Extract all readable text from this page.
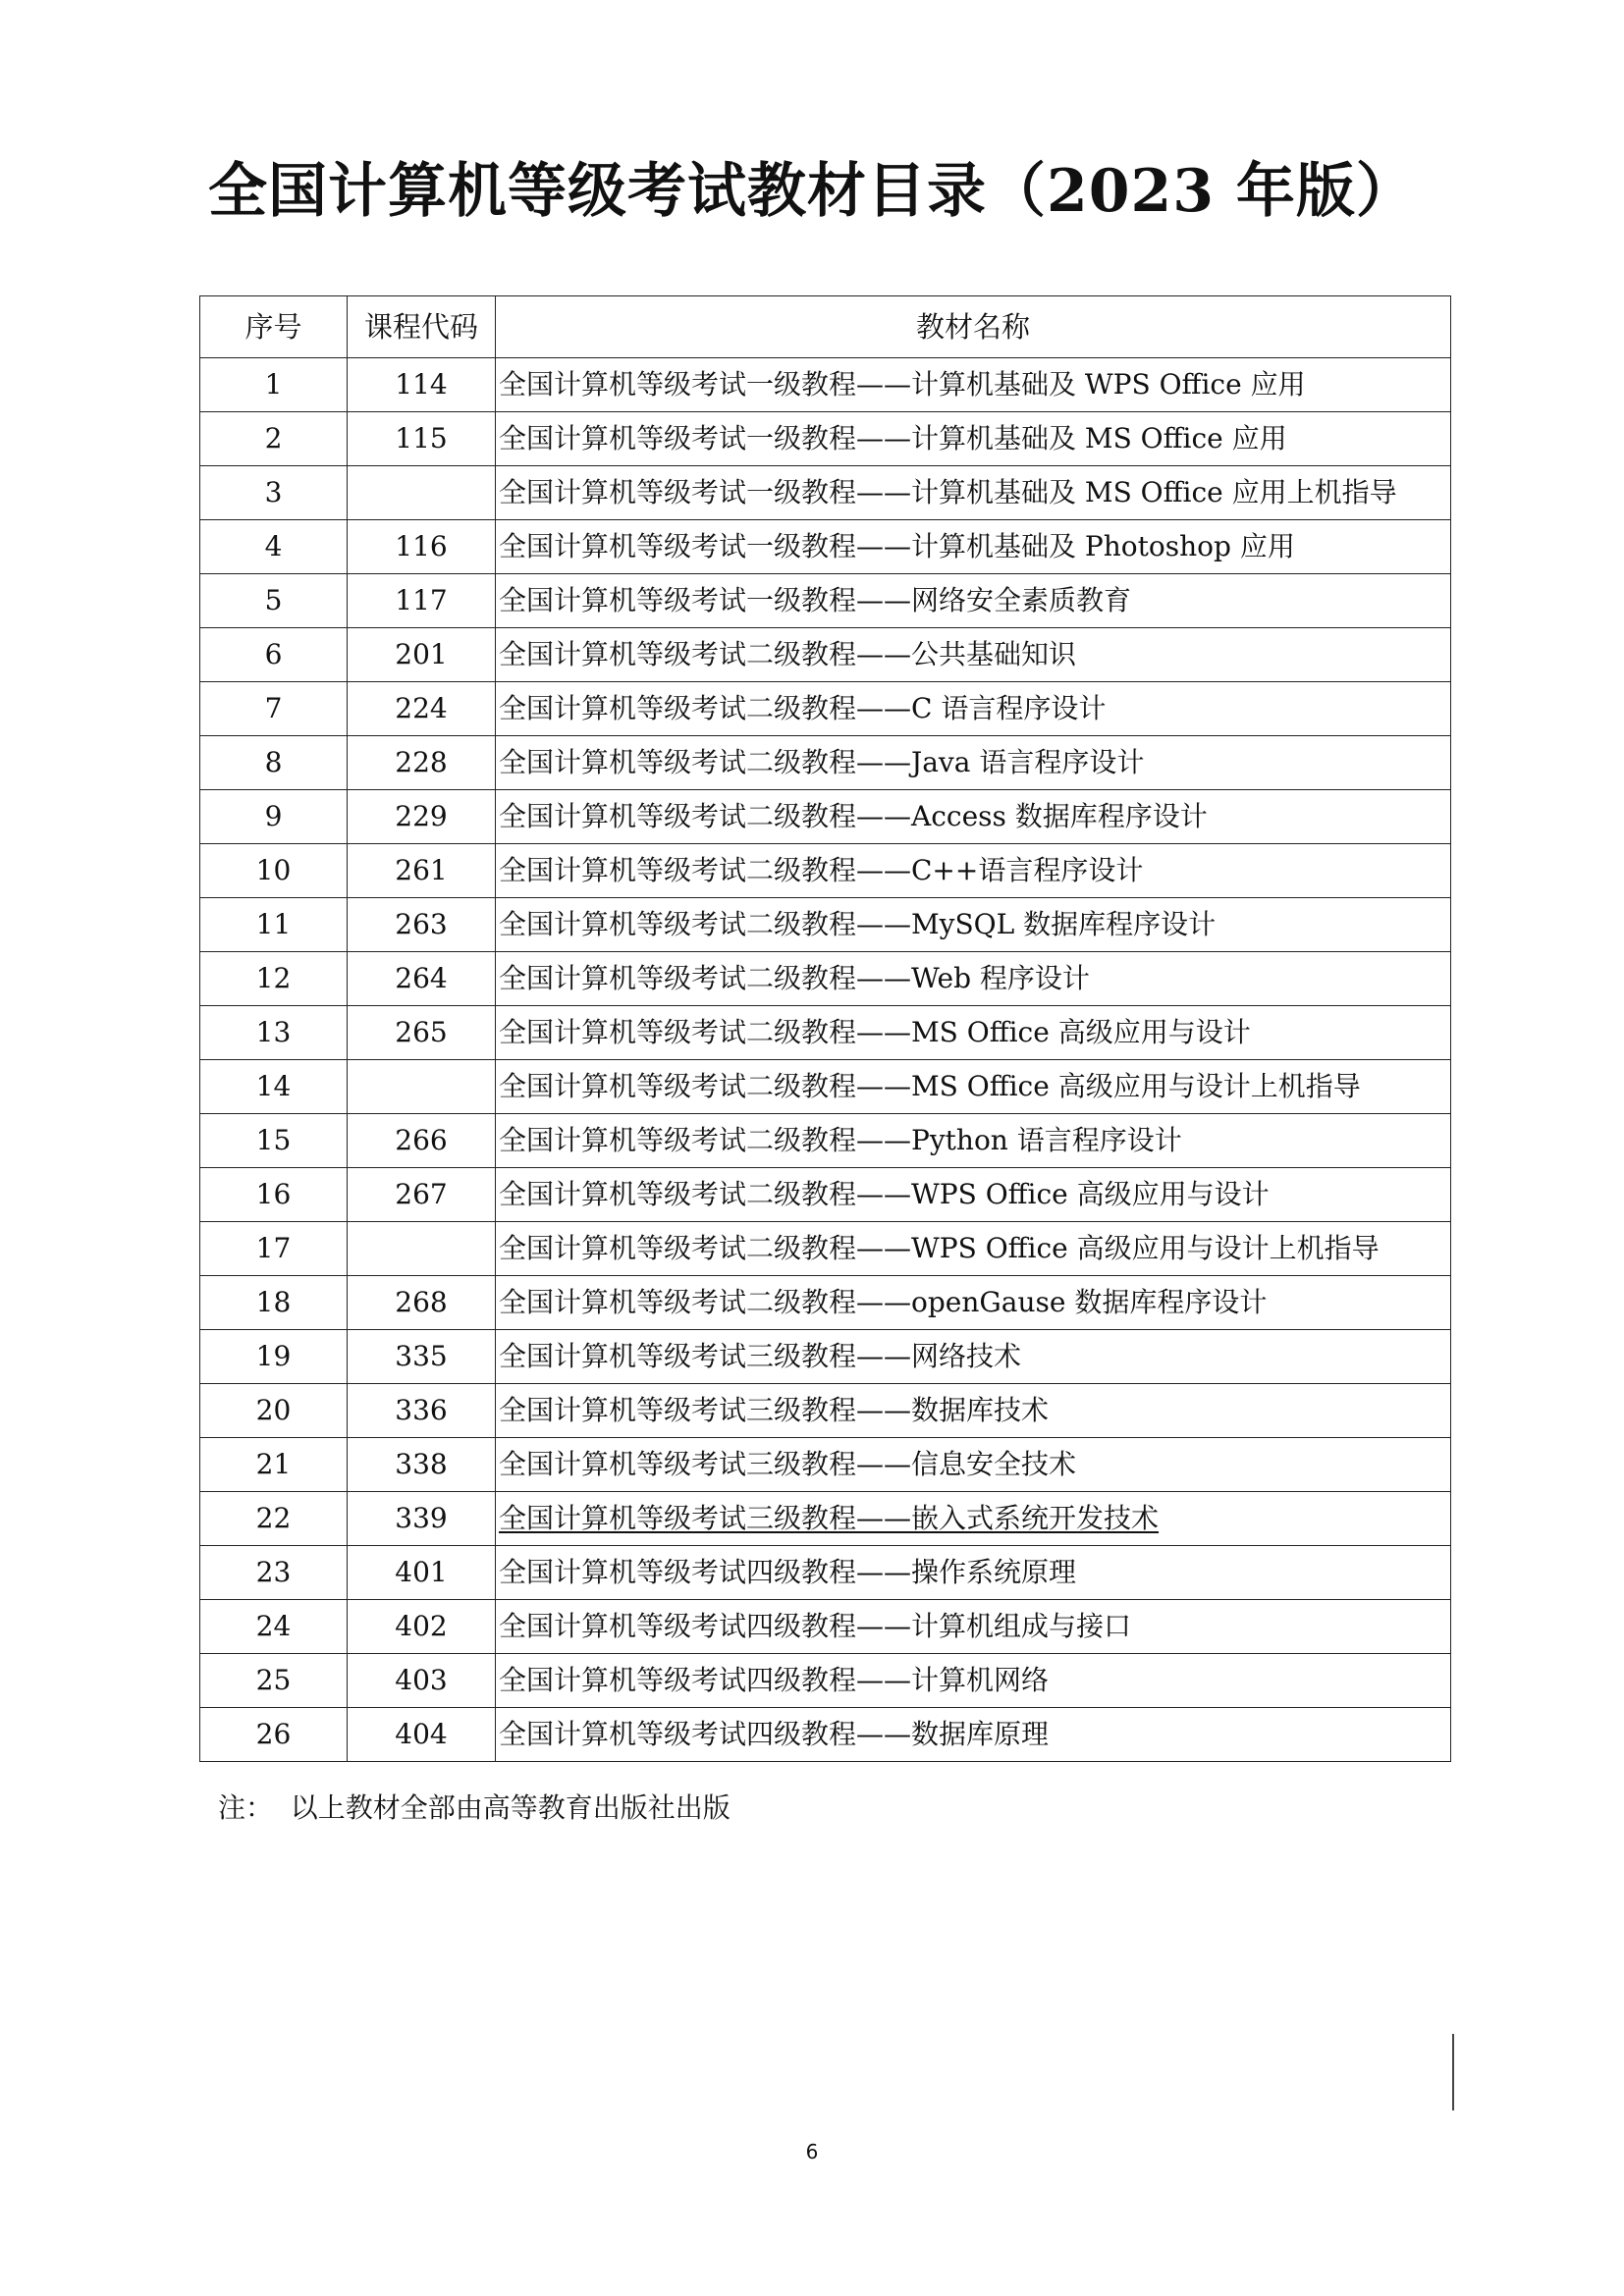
全国计算机等级考试教材目录（2023 年版）
序号	课程代码	教材名称
1	114	全国计算机等级考试一级教程——计算机基础及 WPS Office 应用
2	115	全国计算机等级考试一级教程——计算机基础及 MS Office 应用
3		全国计算机等级考试一级教程——计算机基础及 MS Office 应用上机指导
4	116	全国计算机等级考试一级教程——计算机基础及 Photoshop 应用
5	117	全国计算机等级考试一级教程——网络安全素质教育
6	201	全国计算机等级考试二级教程——公共基础知识
7	224	全国计算机等级考试二级教程——C 语言程序设计
8	228	全国计算机等级考试二级教程——Java 语言程序设计
9	229	全国计算机等级考试二级教程——Access 数据库程序设计
10	261	全国计算机等级考试二级教程——C++语言程序设计
11	263	全国计算机等级考试二级教程——MySQL 数据库程序设计
12	264	全国计算机等级考试二级教程——Web 程序设计
13	265	全国计算机等级考试二级教程——MS Office 高级应用与设计
14		全国计算机等级考试二级教程——MS Office 高级应用与设计上机指导
15	266	全国计算机等级考试二级教程——Python 语言程序设计
16	267	全国计算机等级考试二级教程——WPS Office 高级应用与设计
17		全国计算机等级考试二级教程——WPS Office 高级应用与设计上机指导
18	268	全国计算机等级考试二级教程——openGause 数据库程序设计
19	335	全国计算机等级考试三级教程——网络技术
20	336	全国计算机等级考试三级教程——数据库技术
21	338	全国计算机等级考试三级教程——信息安全技术
22	339	全国计算机等级考试三级教程——嵌入式系统开发技术
23	401	全国计算机等级考试四级教程——操作系统原理
24	402	全国计算机等级考试四级教程——计算机组成与接口
25	403	全国计算机等级考试四级教程——计算机网络
26	404	全国计算机等级考试四级教程——数据库原理
注：  以上教材全部由高等教育出版社出版
6
